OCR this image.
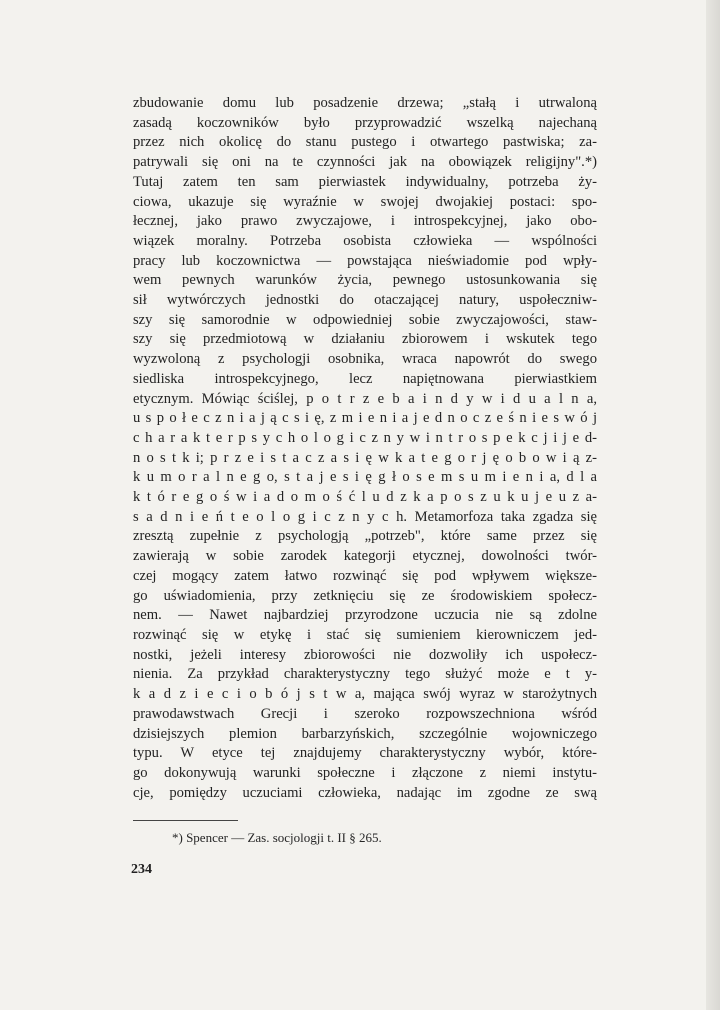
zbudowanie domu lub posadzenie drzewa; „stałą i utrwaloną
zasadą koczowników było przyprowadzić wszelką najechaną
przez nich okolicę do stanu pustego i otwartego pastwiska; za-
patrywali się oni na te czynności jak na obowiązek religijny".*)
Tutaj zatem ten sam pierwiastek indywidualny, potrzeba ży-
ciowa, ukazuje się wyraźnie w swojej dwojakiej postaci: spo-
łecznej, jako prawo zwyczajowe, i introspekcyjnej, jako obo-
wiązek moralny. Potrzeba osobista człowieka — wspólności
pracy lub koczownictwa — powstająca nieświadomie pod wpły-
wem pewnych warunków życia, pewnego ustosunkowania się
sił wytwórczych jednostki do otaczającej natury, uspołeczniw-
szy się samorodnie w odpowiedniej sobie zwyczajowości, staw-
szy się przedmiotową w działaniu zbiorowem i wskutek tego
wyzwoloną z psychologji osobnika, wraca napowrót do swego
siedliska introspekcyjnego, lecz napiętnowana pierwiastkiem
etycznym. Mówiąc ściślej, p o t r z e b a i n d y w i d u a l n a,
u s p o ł e c z n i a j ą c s i ę, z m i e n i a j e d n o c z e ś n i e s w ó j
c h a r a k t e r p s y c h o l o g i c z n y w i n t r o s p e k c j i j e d-
n o s t k i; p r z e i s t a c z a s i ę w k a t e g o r j ę o b o w i ą z-
k u m o r a l n e g o, s t a j e s i ę g ł o s e m s u m i e n i a, d l a
k t ó r e g o ś w i a d o m o ś ć l u d z k a p o s z u k u j e u z a-
s a d n i e ń t e o l o g i c z n y c h. Metamorfoza taka zgadza się
zresztą zupełnie z psychologją „potrzeb", które same przez się
zawierają w sobie zarodek kategorji etycznej, dowolności twór-
czej mogący zatem łatwo rozwinąć się pod wpływem większe-
go uświadomienia, przy zetknięciu się ze środowiskiem społecz-
nem. — Nawet najbardziej przyrodzone uczucia nie są zdolne
rozwinąć się w etykę i stać się sumieniem kierowniczem jed-
nostki, jeżeli interesy zbiorowości nie dozwoliły ich uspołecz-
nienia. Za przykład charakterystyczny tego służyć może e t y-
k a d z i e c i o b ó j s t w a, mająca swój wyraz w starożytnych
prawodawstwach Grecji i szeroko rozpowszechniona wśród
dzisiejszych plemion barbarzyńskich, szczególnie wojowniczego
typu. W etyce tej znajdujemy charakterystyczny wybór, które-
go dokonywują warunki społeczne i złączone z niemi instytu-
cje, pomiędzy uczuciami człowieka, nadając im zgodne ze swą
*) Spencer — Zas. socjologji t. II § 265.
234
